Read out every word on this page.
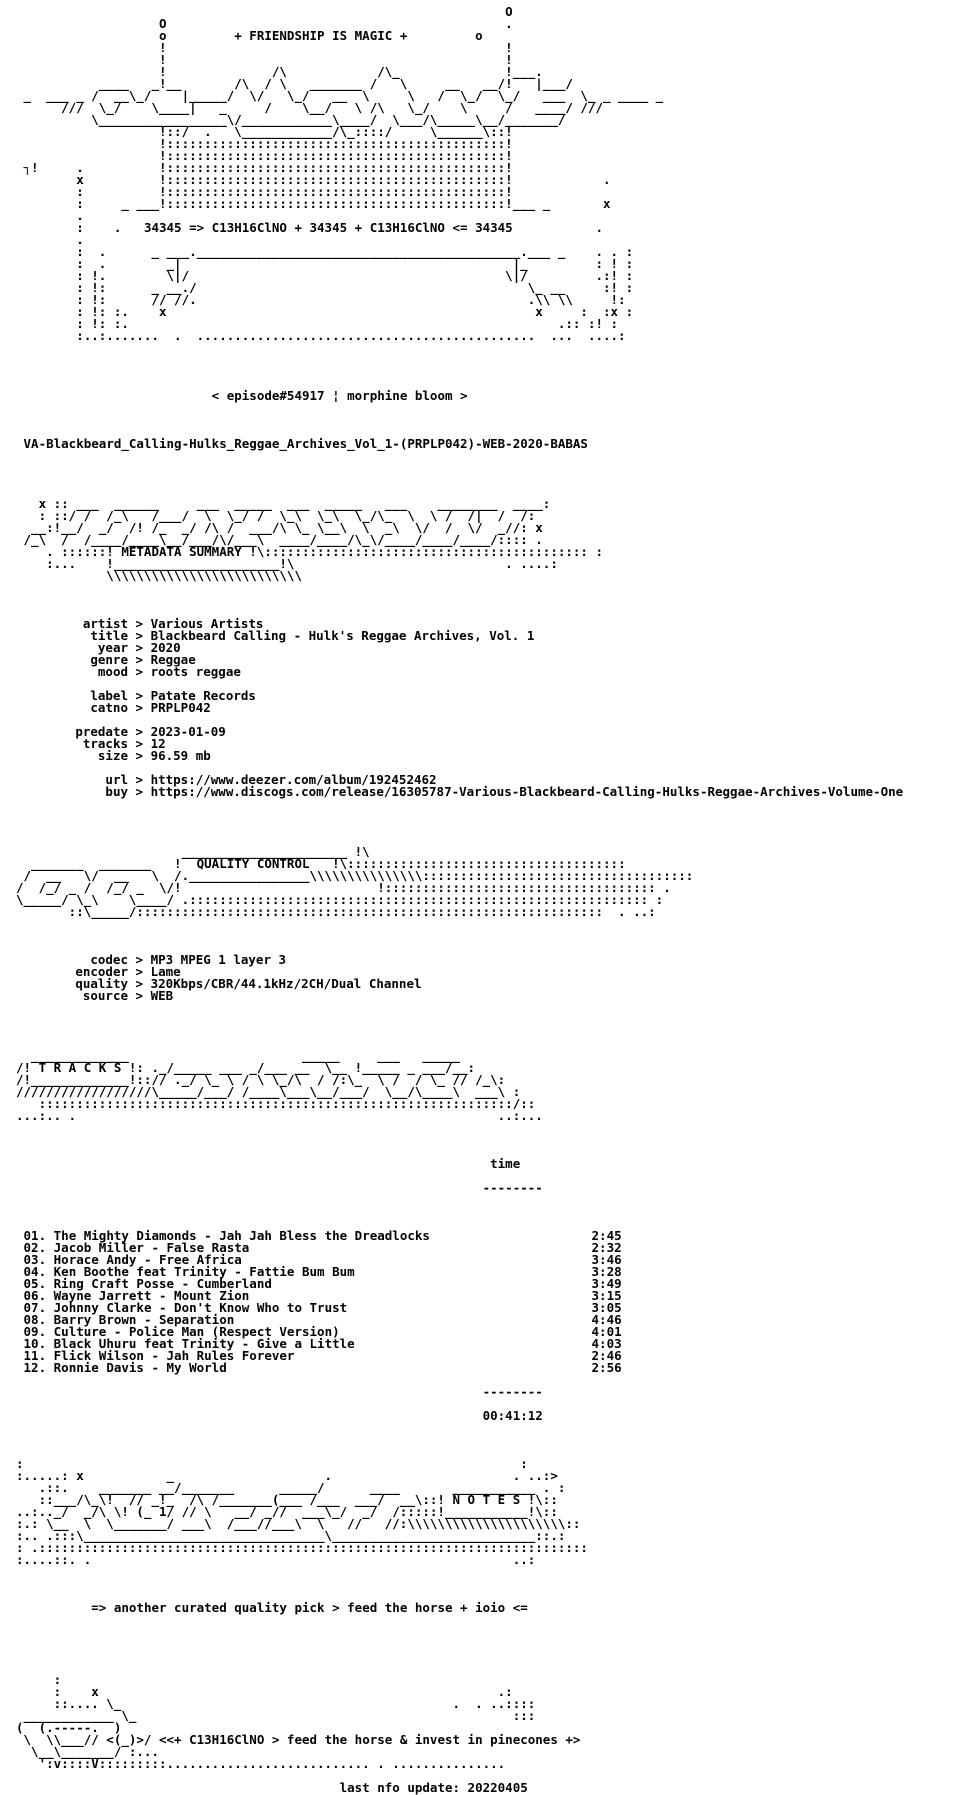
O
O                                             .
o	+ FRIENDSHIP IS MAGIC +	o
!                                             !
!                                             !
!              /\            /\_              !___.
____   _!__       /\  / \   _______ /   \     __   __/!   |___/
_  ___ _ /  __\_/    |_____/  \/   \_/   __  \     \   /  \_/  \_/   ___  \_ _ ____ _
///  \_/    \____|   _     /    \__/   \ /\   \_/    \     /   ____/ ///
\_________________\/____________\____/  \___/\_____\__/_______/
!::/  .   \____________/\_::::/     \______\::!
!:::::::::::::::::::::::::::::::::::::::::::::!
!:::::::::::::::::::::::::::::::::::::::::::::!
┐!     .          !:::::::::::::::::::::::::::::::::::::::::::::!
x          !:::::::::::::::::::::::::::::::::::::::::::::!            .
:          !:::::::::::::::::::::::::::::::::::::::::::::!
:     _ ___!:::::::::::::::::::::::::::::::::::::::::::::!___ _       x
.
:    .   34345 => C13H16ClNO + 34345 + C13H16ClNO <= 34345	.
.
:  .      _ ___.___________________________________________.___ _    . . :
:  .        _|                                            |_         : ! :
: !.        \|/                                          \|/         .:! :
: !:      _ __./                                            \_ __     :! :
: !:      // //.                                            .\\ \\     !:
: !: :.    x                                                 x     :  :x :
: !: :.                                                         .:: :! :
:..:.......  .  .............................................  ...  ....:

< episode#54917 ¦ morphine bloom >

VA-Blackbeard_Calling-Hulks_Reggae_Archives_Vol_1-(PRPLP042)-WEB-2020-BABAS

x :: ___  ______     ___  _____  ___  _____   ___    ________  ____:
: ::/ /  /_\   /___/  \  \_/ /  \_\  \_\  \_/\_  \  \ /  /|  /  /:
__:!__/  _/  /! /_  _/ /\ /  ___/\ \_ \__\  \  _\  \/  /  \/  _//: x
/_\  /  /____/____\__/___/\/___\  ____/____/\_\/____/____/____/:::: .
. ::::::! METADATA SUMMARY !\::::::::::::::::::::::::::::::::::::::::::: :
:...    !______________________!\                            . ....:
\\\\\\\\\\\\\\\\\\\\\\\\\\

artist > Various Artists
title > Blackbeard Calling - Hulk's Reggae Archives, Vol. 1
year > 2020
genre > Reggae
mood > roots reggae
label > Patate Records
catno > PRPLP042
predate > 2023-01-09
tracks > 12
size > 96.59 mb
url > https://www.deezer.com/album/192452462
buy > https://www.discogs.com/release/16305787-Various-Blackbeard-Calling-Hulks-Reggae-Archives-Volume-One

______________________ !\
_______  _______   !  QUALITY CONTROL   !\:::::::::::::::::::::::::::::::::::::
/  __   \/  __   \  /.________________\\\\\\\\\\\\\\\::::::::::::::::::::::::::::::::::::
/  /_/ _ /  /_/ _  \/!                          !:::::::::::::::::::::::::::::::::::: .
\_____/ \_\    \____/ .::::::::::::::::::::::::::::::::::::::::::::::::::::::::::::: :
::\_____/::::::::::::::::::::::::::::::::::::::::::::::::::::::::::::::  . ..:

codec > MP3 MPEG 1 layer 3
encoder > Lame
quality > 320Kbps/CBR/44.1kHz/2CH/Dual Channel
source > WEB

_____________                       _____     ___   _____
/! T R A C K S !: ._/_____ ___ _/___ __  \__ !_____ _ ___/__:
/!_____________!::// ._/ \_ \ / \ \_/\  / /:\_  \ /  / \_ // /_\:
//////////////////\_____/___/ /____\___\__/___/  \__/\____\  ___\ :
:::::::::::::::::::::::::::::::::::::::::::::::::::::::::::::::/::
...:.. .                                                        ..:...

time

--------

01. The Mighty Diamonds - Jah Jah Bless the Dreadlocks	2:45
02. Jacob Miller - False Rasta	2:32
03. Horace Andy - Free Africa	3:46
04. Ken Boothe feat Trinity - Fattie Bum Bum	3:28
05. Ring Craft Posse - Cumberland	3:49
06. Wayne Jarrett - Mount Zion	3:15
07. Johnny Clarke - Don't Know Who to Trust	3:05
08. Barry Brown - Separation	4:46
09. Culture - Police Man (Respect Version)	4:01
10. Black Uhuru feat Trinity - Give a Little	4:03
11. Flick Wilson - Jah Rules Forever	2:46
12. Ronnie Davis - My World	2:56

--------

00:41:12

:                                                                  :
:.....: x           _                    .                        . ..:>
.::.    _______ __/_______      _____/      ____       ___________ . :
::___/\_\!  // _!_  /\ /_______(___ /___  ___/  __\::! N O T E S !\::
..:.._/  _/\ \! (_ 1/ // \   __/ _//  ___\_/  _/  /:::::!___________!\::
:.: \__  \  \_______/ ___\  /___//___\  \   //   //:\\\\\\\\\\\\\\\\\\\\\::
:.. .:::\________________________________\___________________________::.:
: .:::::::::::::::::::::::::::::::::::::::::::::::::::::::::::::::::::::::::
:....::. .                                                        ..:

=> another curated quality pick > feed the horse + ioio <=

:
:    x                                                     .:
::.... \_                                            .  . ..::::
____________ \_                                                  :::
(  (.-----.  )
\  \\___// <(_)>/ <<+ C13H16ClNO > feed the horse & invest in pinecones +>
\__\_______/ :...
':v::::V:::::::::........................... . ...............

last nfo update: 20220405
